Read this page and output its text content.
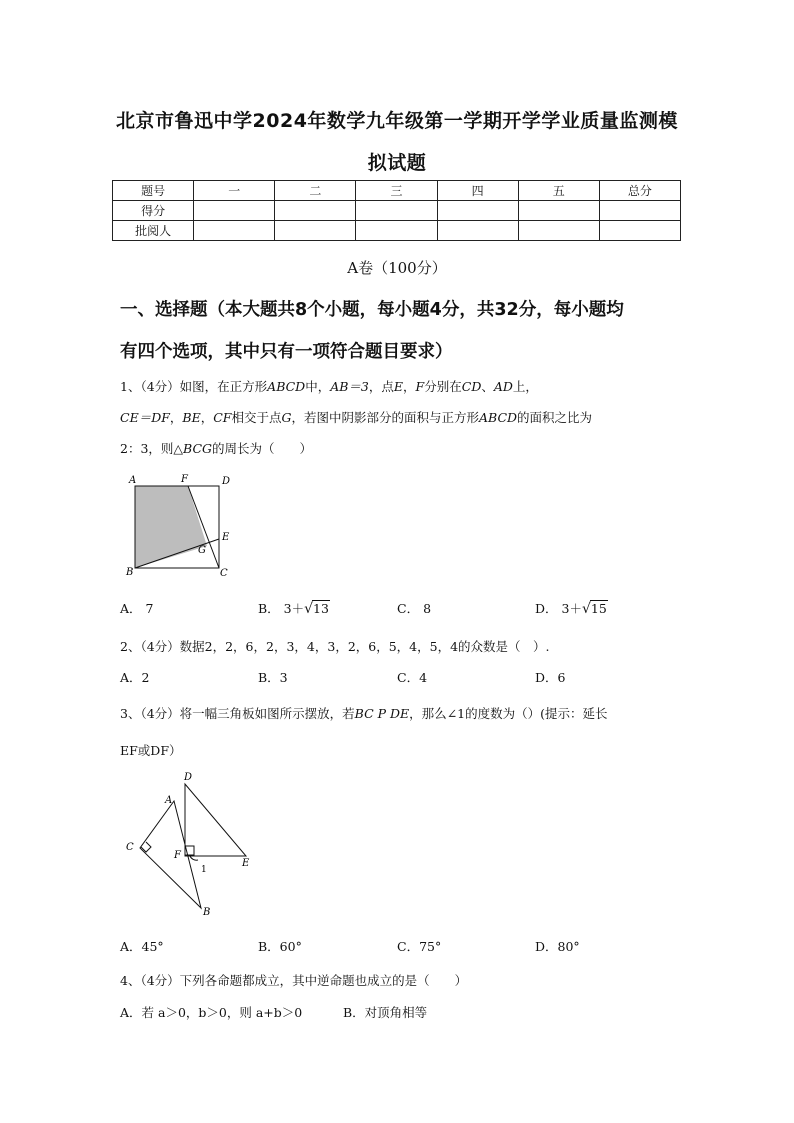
北京市鲁迅中学2024年数学九年级第一学期开学学业质量监测模
拟试题
题号	一	二	三	四	五	总分
得分						
批阅人						
A卷（100分）
一、选择题（本大题共8个小题，每小题4分，共32分，每小题均
有四个选项，其中只有一项符合题目要求）
1、（4分）如图，在正方形ABCD中，AB＝3，点E，F分别在CD、AD上，
CE＝DF，BE，CF相交于点G，若图中阴影部分的面积与正方形ABCD的面积之比为
2：3，则△BCG的周长为（　　）
A	F	D
E
G
B	C
A． 7	B． 3＋√13	C． 8	D． 3＋√15
2、（4分）数据2，2，6，2，3，4，3，2，6，5，4，5，4的众数是（　）.
A．2	B．3	C．4	D．6
3、（4分）将一幅三角板如图所示摆放，若BC P DE，那么∠1的度数为（）(提示：延长
EF或DF）
D
A
C
F
1
E
B
A．45°	B．60°	C．75°	D．80°
4、（4分）下列各命题都成立，其中逆命题也成立的是（　　）
A．若 a＞0，b＞0，则 a+b＞0	B．对顶角相等
